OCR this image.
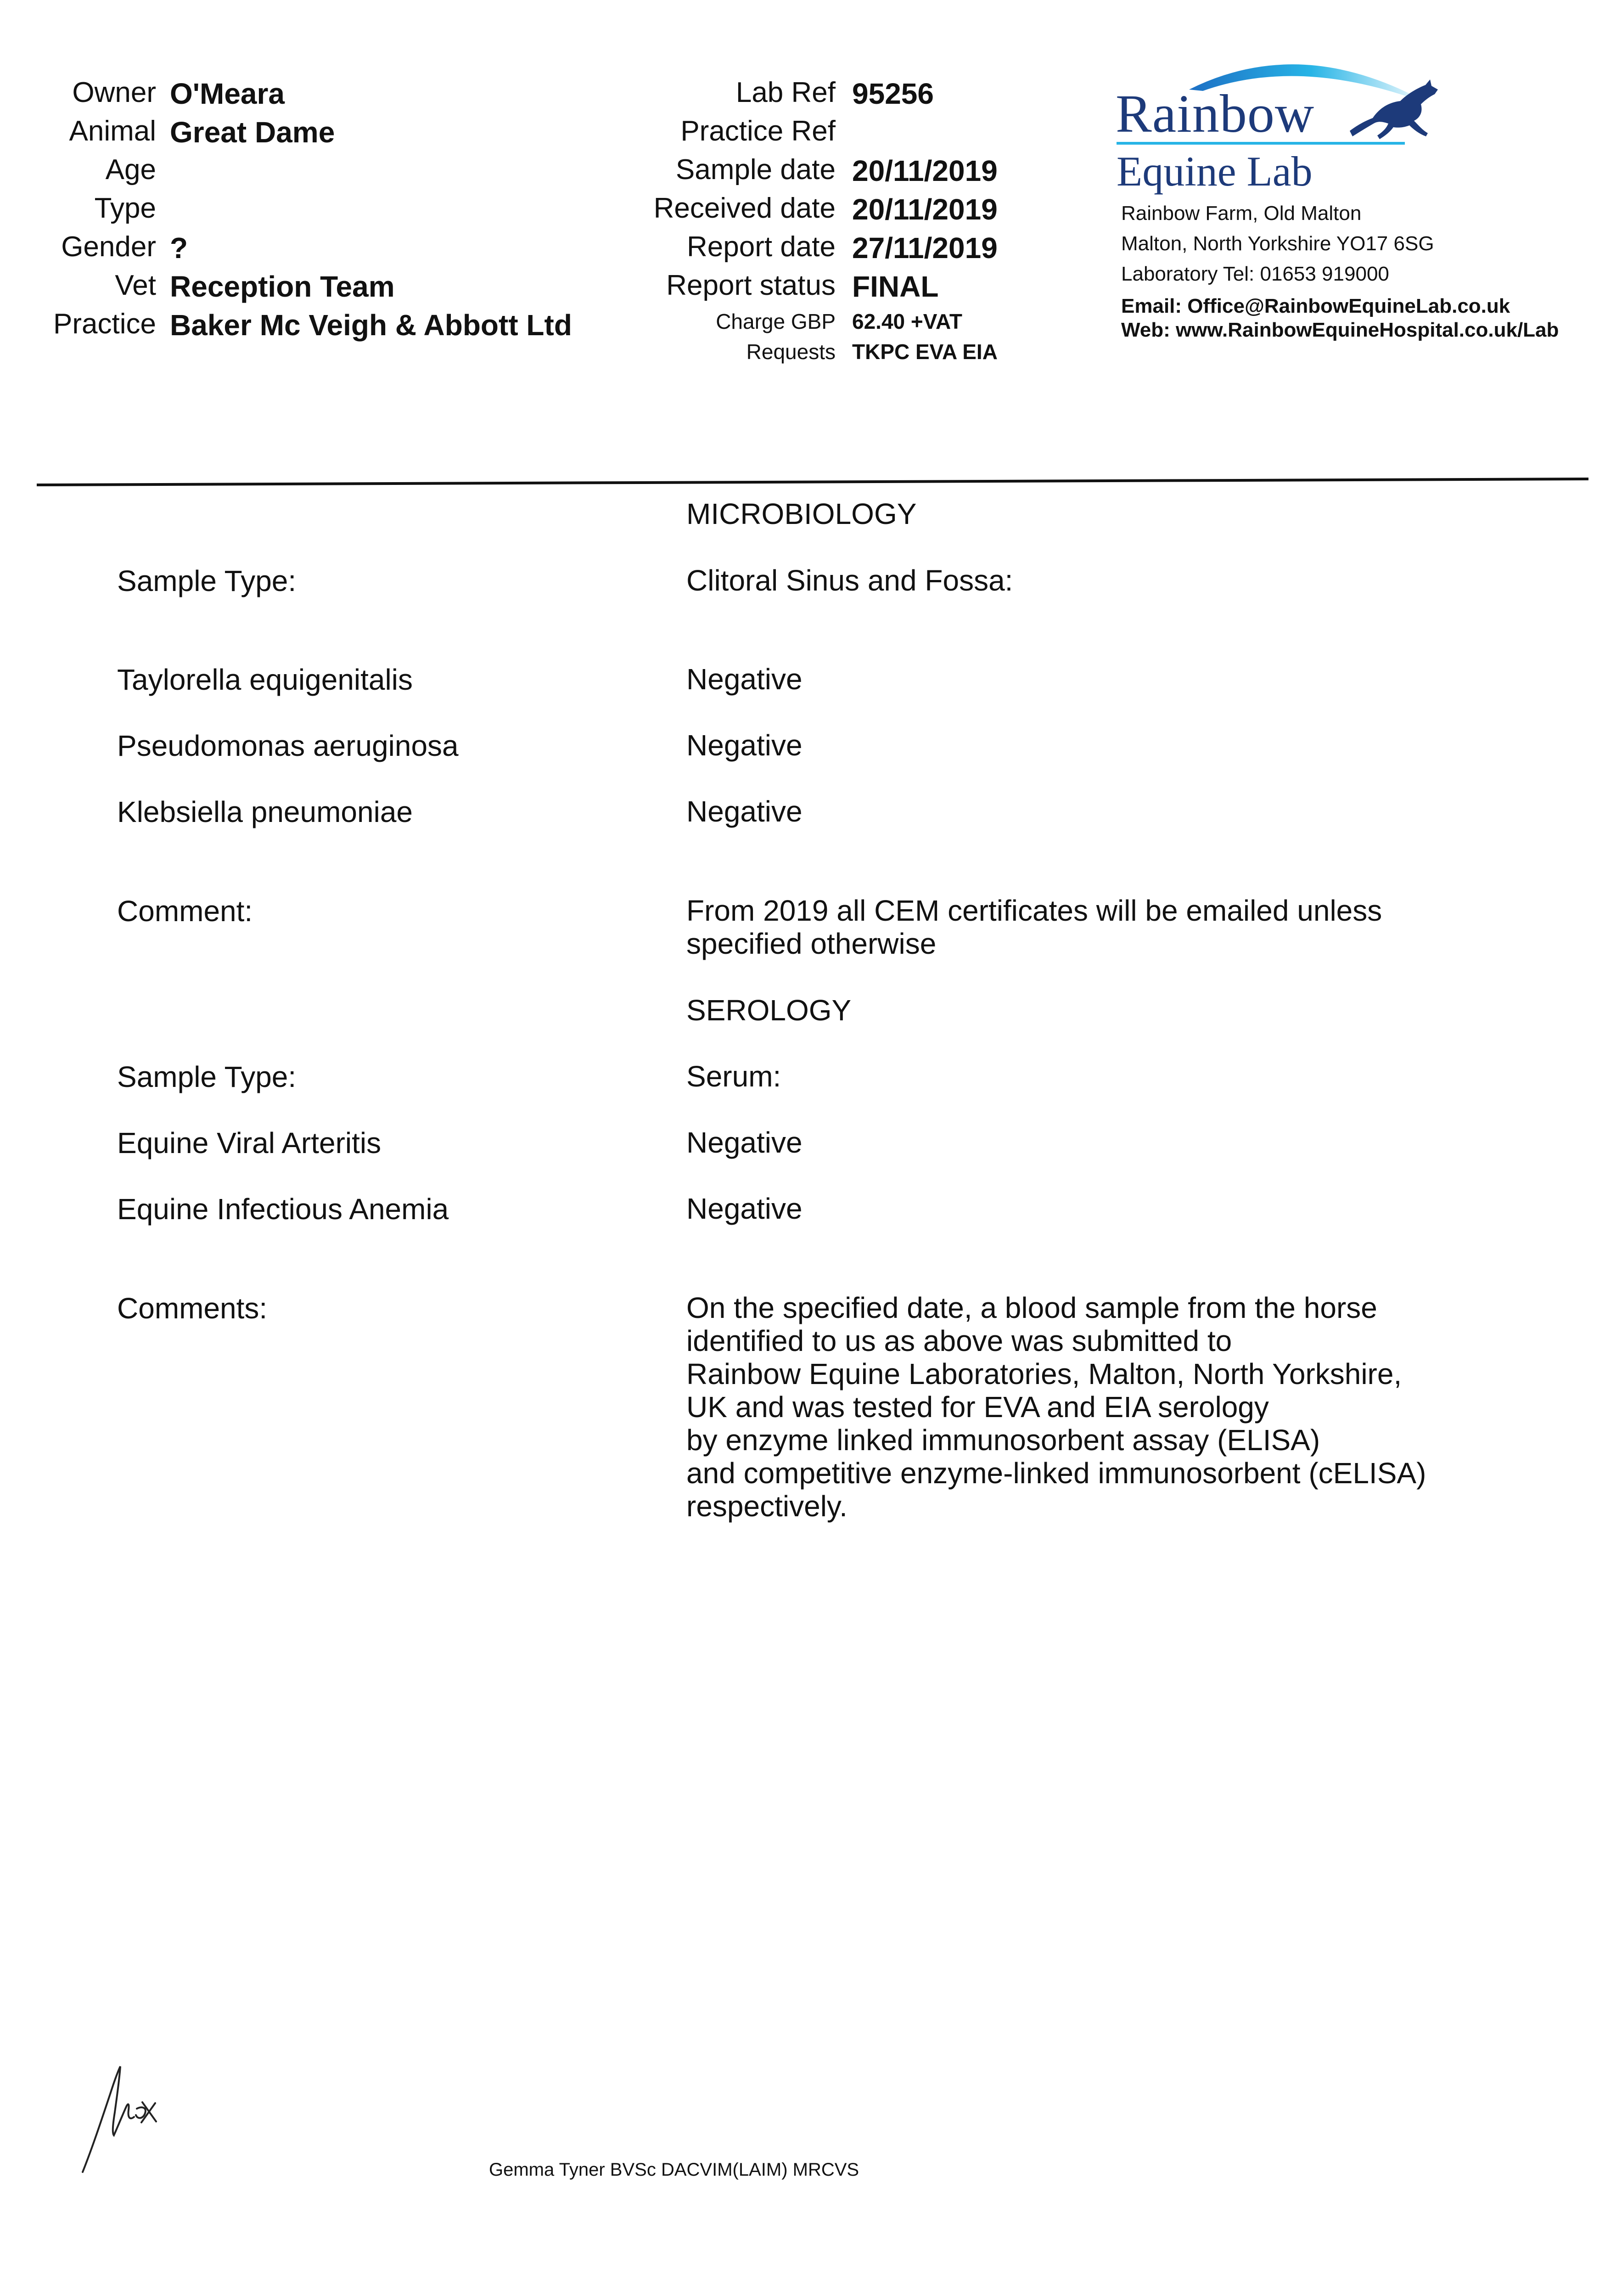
Owner O'Meara
Animal Great Dame
Age
Type
Gender ?
Vet Reception Team
Practice Baker Mc Veigh & Abbott Ltd
Lab Ref 95256
Practice Ref
Sample date 20/11/2019
Received date 20/11/2019
Report date 27/11/2019
Report status FINAL
Charge GBP 62.40 +VAT
Requests TKPC EVA EIA
Rainbow
Equine Lab
Rainbow Farm, Old Malton
Malton, North Yorkshire YO17 6SG
Laboratory Tel: 01653 919000
Email: Office@RainbowEquineLab.co.uk
Web: www.RainbowEquineHospital.co.uk/Lab
MICROBIOLOGY
Sample Type:	Clitoral Sinus and Fossa:
Taylorella equigenitalis	Negative
Pseudomonas aeruginosa	Negative
Klebsiella pneumoniae	Negative
Comment:	From 2019 all CEM certificates will be emailed unless
specified otherwise
SEROLOGY
Sample Type:	Serum:
Equine Viral Arteritis	Negative
Equine Infectious Anemia	Negative
Comments:	On the specified date, a blood sample from the horse
identified to us as above was submitted to
Rainbow Equine Laboratories, Malton, North Yorkshire,
UK and was tested for EVA and EIA serology
by enzyme linked immunosorbent assay (ELISA)
and competitive enzyme-linked immunosorbent (cELISA)
respectively.
Gemma Tyner BVSc DACVIM(LAIM) MRCVS
